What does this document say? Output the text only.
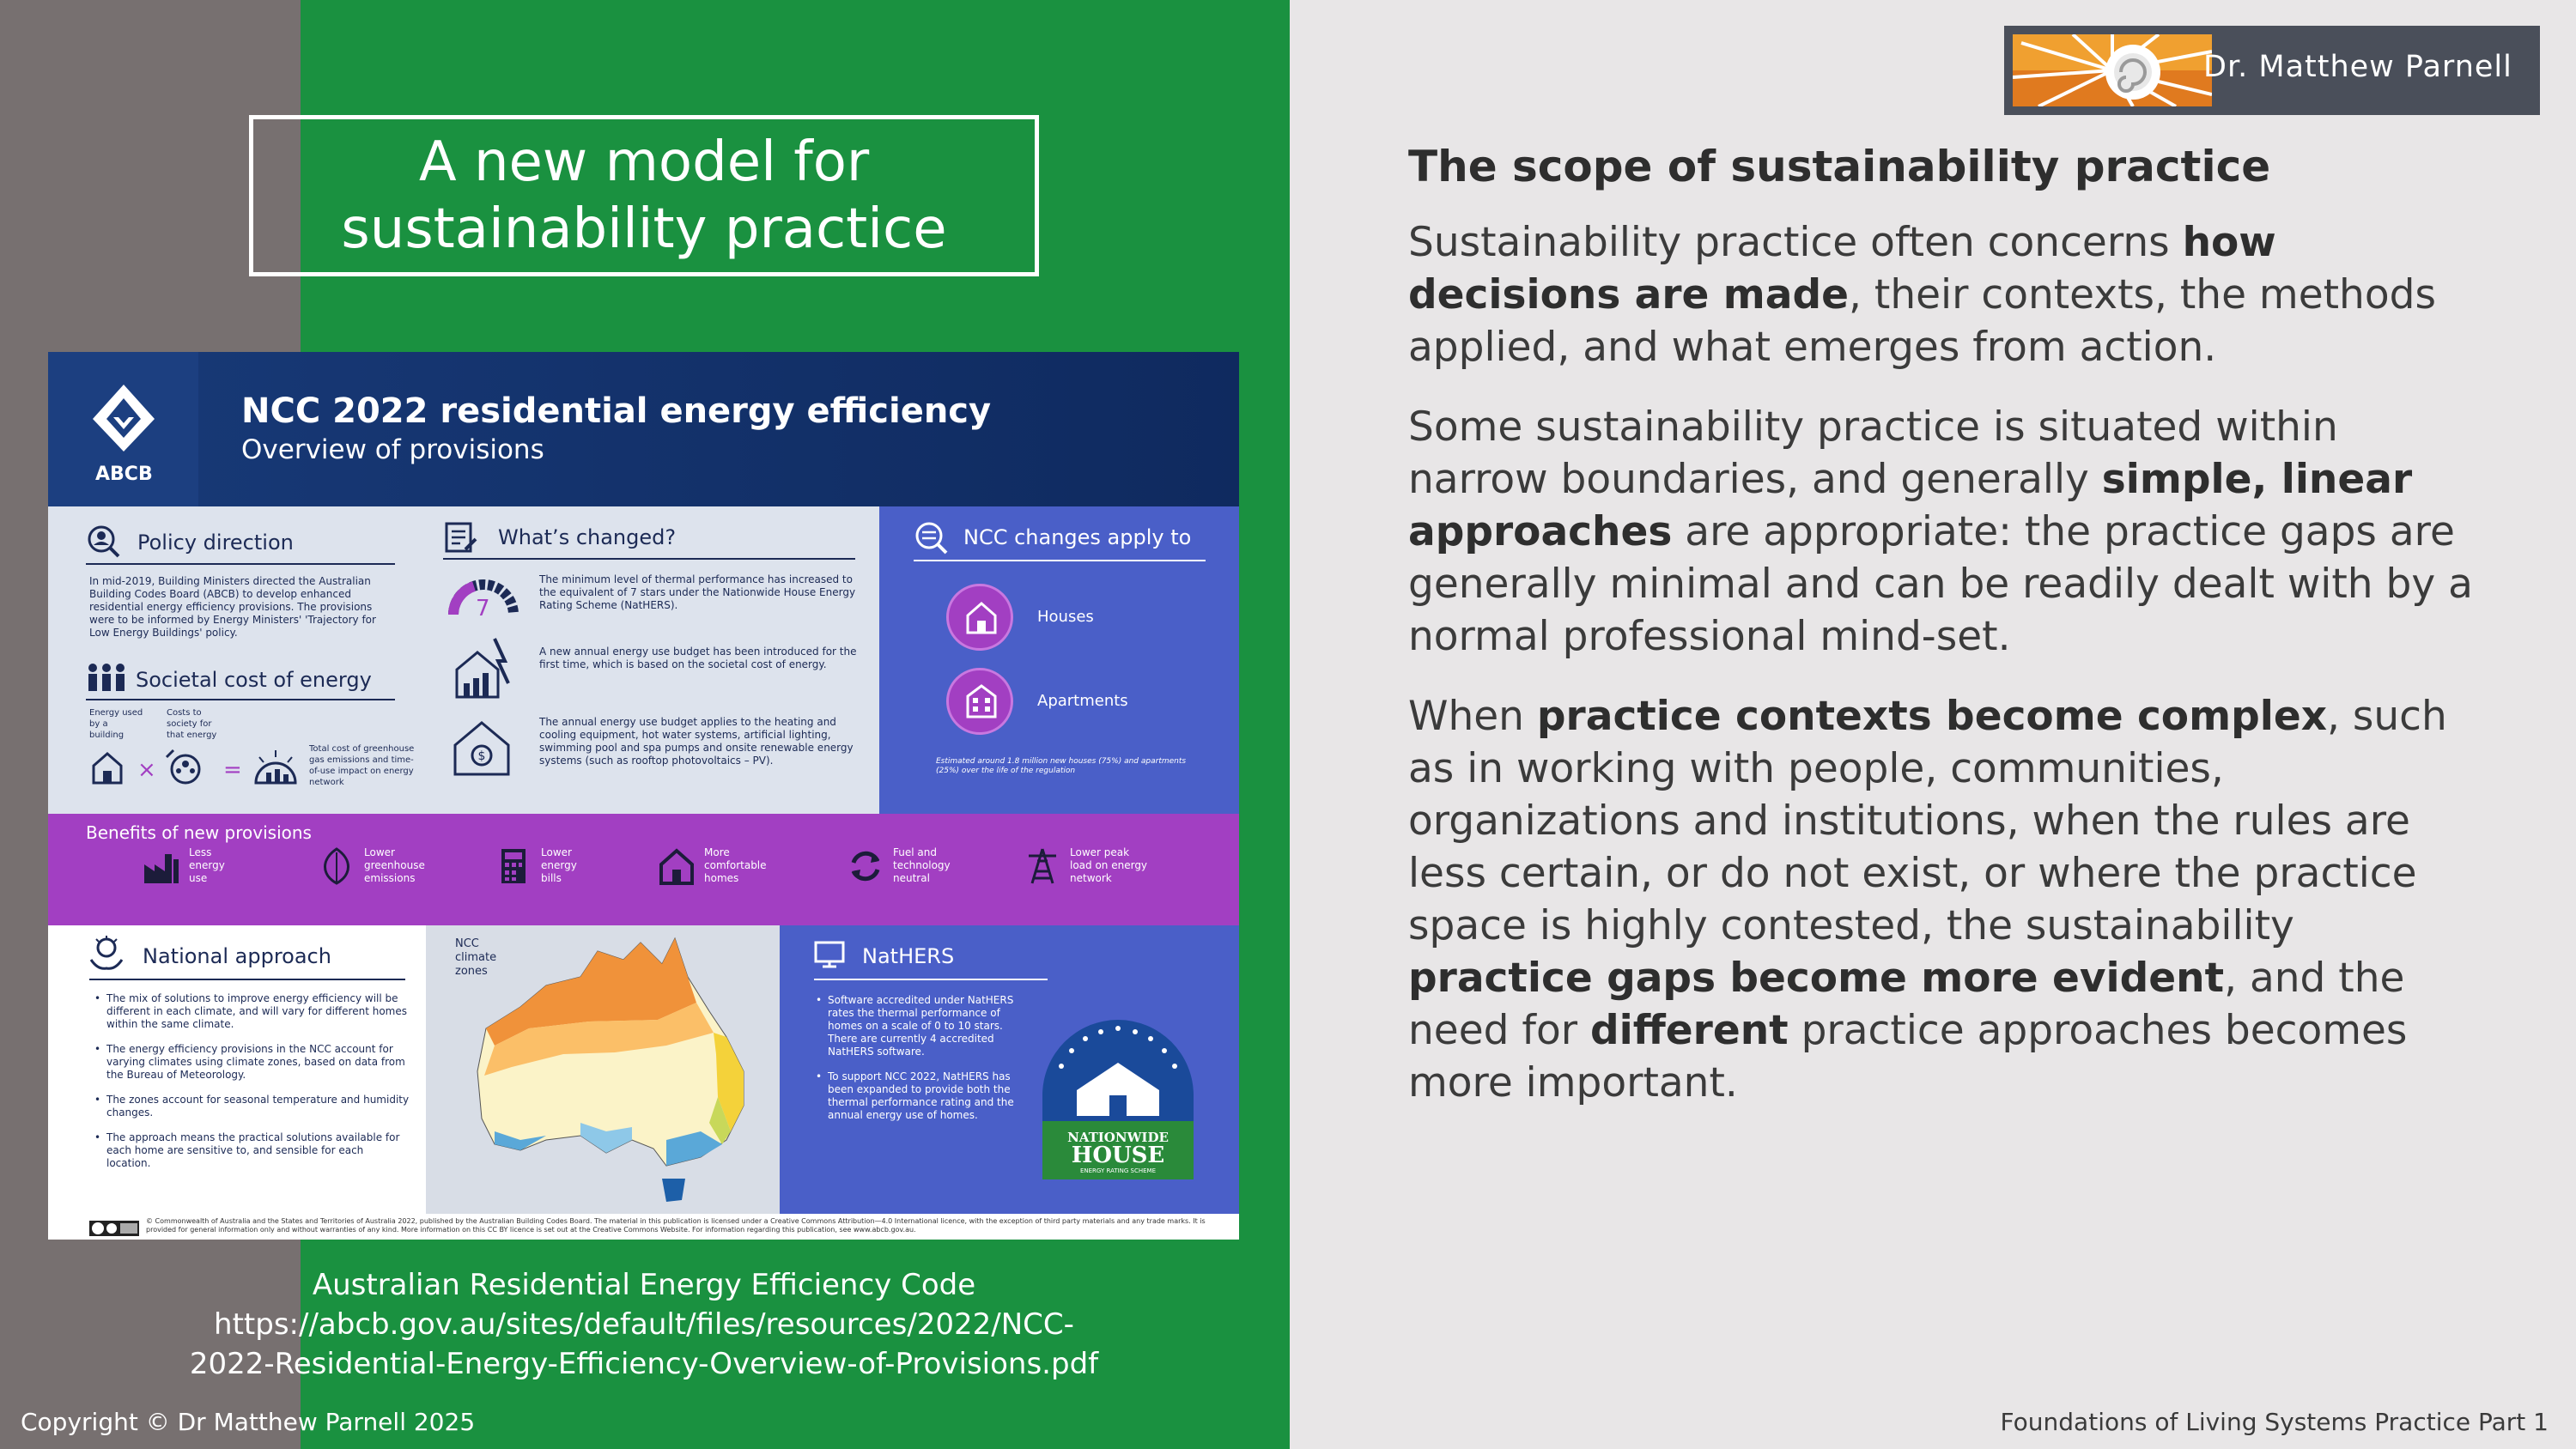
A new model for
sustainability practice
Dr. Matthew Parnell
ABCB
NCC 2022 residential energy efficiency
Overview of provisions
Policy direction
In mid-2019, Building Ministers directed the Australian Building Codes Board (ABCB) to develop enhanced residential energy efficiency provisions. The provisions were to be informed by Energy Ministers' 'Trajectory for Low Energy Buildings' policy.
Societal cost of energy
Energy used by a building
Costs to society for that energy
×	=
Total cost of greenhouse gas emissions and time-of-use impact on energy network
What’s changed?
7
The minimum level of thermal performance has increased to the equivalent of 7 stars under the Nationwide House Energy Rating Scheme (NatHERS).
A new annual energy use budget has been introduced for the first time, which is based on the societal cost of energy.
$
The annual energy use budget applies to the heating and cooling equipment, hot water systems, artificial lighting, swimming pool and spa pumps and onsite renewable energy systems (such as rooftop photovoltaics – PV).
NCC changes apply to
Houses
Apartments
Estimated around 1.8 million new houses (75%) and apartments (25%) over the life of the regulation
Benefits of new provisions
Less
energy
use
Lower
greenhouse
emissions
Lower
energy
bills
More
comfortable
homes
Fuel and
technology
neutral
Lower peak
load on energy
network
National approach
• The mix of solutions to improve energy efficiency will be different in each climate, and will vary for different homes within the same climate.
• The energy efficiency provisions in the NCC account for varying climates using climate zones, based on data from the Bureau of Meteorology.
• The zones account for seasonal temperature and humidity changes.
• The approach means the practical solutions available for each home are sensitive to, and sensible for each location.
NCC
climate
zones
NatHERS
• Software accredited under NatHERS rates the thermal performance of homes on a scale of 0 to 10 stars. There are currently 4 accredited NatHERS software.
• To support NCC 2022, NatHERS has been expanded to provide both the thermal performance rating and the annual energy use of homes.
NATIONWIDE
HOUSE
ENERGY RATING SCHEME
© Commonwealth of Australia and the States and Territories of Australia 2022, published by the Australian Building Codes Board. The material in this publication is licensed under a Creative Commons Attribution—4.0 International licence, with the exception of third party materials and any trade marks. It is provided for general information only and without warranties of any kind. More information on this CC BY licence is set out at the Creative Commons Website. For information regarding this publication, see www.abcb.gov.au.
Australian Residential Energy Efficiency Code
https://abcb.gov.au/sites/default/files/resources/2022/NCC-
2022-Residential-Energy-Efficiency-Overview-of-Provisions.pdf
Copyright © Dr Matthew Parnell 2025	Foundations of Living Systems Practice Part 1
The scope of sustainability practice

Sustainability practice often concerns how decisions are made, their contexts, the methods applied, and what emerges from action.

Some sustainability practice is situated within narrow boundaries, and generally simple, linear approaches are appropriate: the practice gaps are generally minimal and can be readily dealt with by a normal professional mind-set.

When practice contexts become complex, such as in working with people, communities, organizations and institutions, when the rules are less certain, or do not exist, or where the practice space is highly contested, the sustainability practice gaps become more evident, and the need for different practice approaches becomes more important.
